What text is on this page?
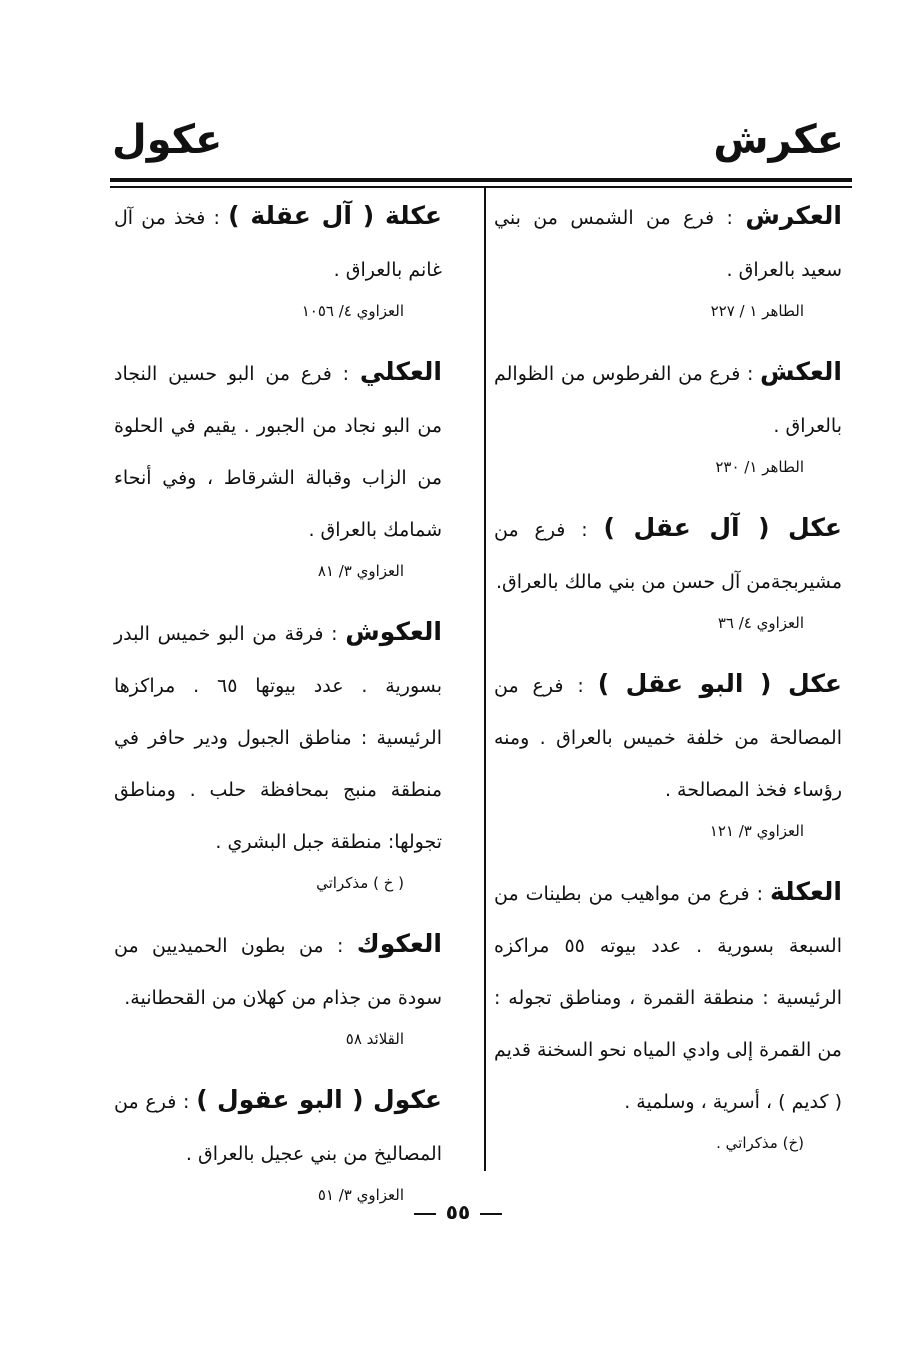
عكرش
عكول
العكرش : فرع من الشمس من بني سعيد بالعراق .
الطاهر ١ / ٢٢٧
العكش : فرع من الفرطوس من الظوالم بالعراق .
الطاهر ١/ ٢٣٠
عكل ( آل عقل ) : فرع من مشيربجةمن آل حسن من بني مالك بالعراق.
العزاوي ٤/ ٣٦
عكل ( البو عقل ) : فرع من المصالحة من خلفة خميس بالعراق . ومنه رؤساء فخذ المصالحة .
العزاوي ٣/ ١٢١
العكلة : فرع من مواهيب من بطينات من السبعة بسورية . عدد بيوته ٥٥ مراكزه الرئيسية : منطقة القمرة ، ومناطق تجوله : من القمرة إلى وادي المياه نحو السخنة قديم ( كديم ) ، أسرية ، وسلمية .
(خ) مذكراتي .
عكلة ( آل عقلة ) : فخذ من آل غانم بالعراق .
العزاوي ٤/ ١٠٥٦
العكلي : فرع من البو حسين النجاد من البو نجاد من الجبور . يقيم في الحلوة من الزاب وقبالة الشرقاط ، وفي أنحاء شمامك بالعراق .
العزاوي ٣/ ٨١
العكوش : فرقة من البو خميس البدر بسورية . عدد بيوتها ٦٥ . مراكزها الرئيسية : مناطق الجبول ودير حافر في منطقة منبج بمحافظة حلب . ومناطق تجولها: منطقة جبل البشري .
( خ ) مذكراتي
العكوك : من بطون الحميديين من سودة من جذام من كهلان من القحطانية.
القلائد ٥٨
عكول ( البو عقول ) : فرع من المصاليخ من بني عجيل بالعراق .
العزاوي ٣/ ٥١
٥٥
